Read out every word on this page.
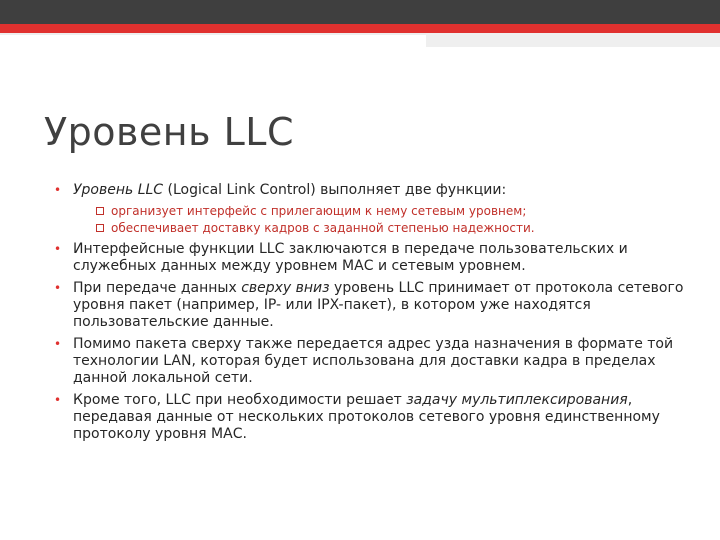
Уровень LLC
• Уровень LLC (Logical Link Control) выполняет две функции:
организует интерфейс с прилегающим к нему сетевым уровнем;
обеспечивает доставку кадров с заданной степенью надежности.
• Интерфейсные функции LLC заключаются в передаче пользовательских и служебных данных между уровнем МАС и сетевым уровнем.
• При передаче данных сверху вниз уровень LLC принимает от протокола сетевого уровня пакет (например, IP- или IPX-пакет), в котором уже находятся пользовательские данные.
• Помимо пакета сверху также передается адрес узда назначения в формате той технологии LAN, которая будет использована для доставки кадра в пределах данной локальной сети.
• Кроме того, LLC при необходимости решает задачу мультиплексирования, передавая данные от нескольких протоколов сетевого уровня единственному протоколу уровня МАС.
